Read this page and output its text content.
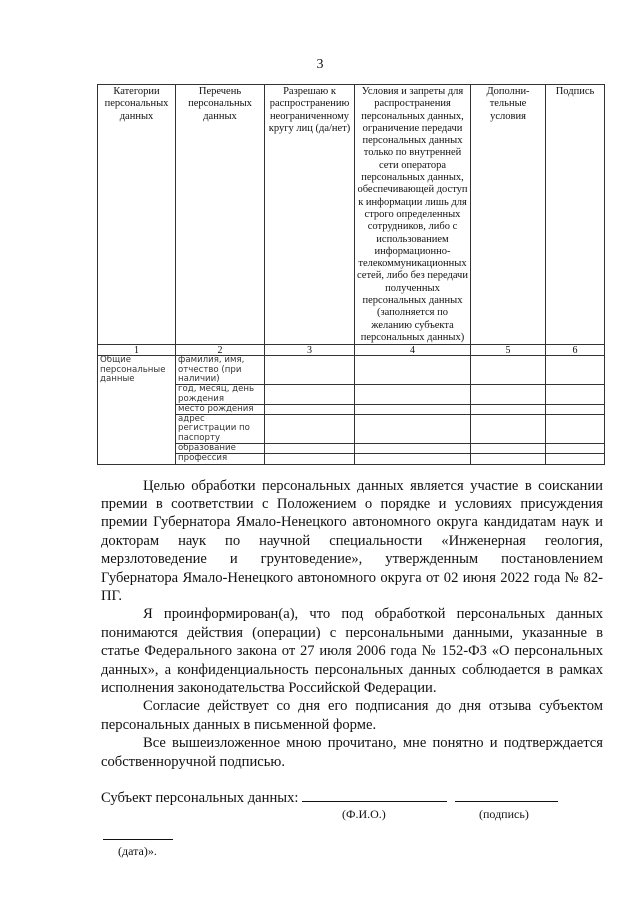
3
Категории персональных данных	Перечень персональных данных	Разрешаю к распространению неограниченному кругу лиц (да/нет)	Условия и запреты для распространения персональных данных, ограничение передачи персональных данных только по внутренней сети оператора персональных данных, обеспечивающей доступ к информации лишь для строго определенных сотрудников, либо с использованием информационно-телекоммуникационных сетей, либо без передачи полученных персональных данных (заполняется по желанию субъекта персональных данных)	Дополни-тельные условия	Подпись
1	2	3	4	5	6
Общие персональные данные	фамилия, имя, отчество (при наличии)				
	год, месяц, день рождения				
	место рождения				
	адрес регистрации по паспорту				
	образование				
	профессия				

Целью обработки персональных данных является участие в соискании премии в соответствии с Положением о порядке и условиях присуждения премии Губернатора Ямало-Ненецкого автономного округа кандидатам наук и докторам наук по научной специальности «Инженерная геология, мерзлотоведение и грунтоведение», утвержденным постановлением Губернатора Ямало-Ненецкого автономного округа от 02 июня 2022 года № 82-ПГ.

Я проинформирован(а), что под обработкой персональных данных понимаются действия (операции) с персональными данными, указанные в статье Федерального закона от 27 июля 2006 года № 152-ФЗ «О персональных данных», а конфиденциальность персональных данных соблюдается в рамках исполнения законодательства Российской Федерации.

Согласие действует со дня его подписания до дня отзыва субъектом персональных данных в письменной форме.

Все вышеизложенное мною прочитано, мне понятно и подтверждается собственноручной подписью.

Субъект персональных данных:
(Ф.И.О.)	(подпись)
(дата)».
